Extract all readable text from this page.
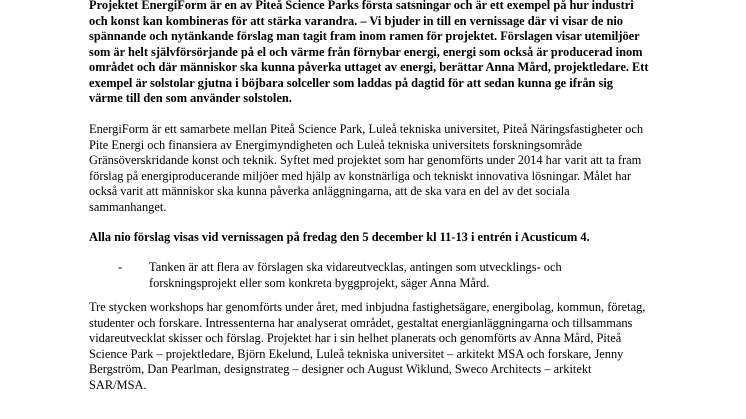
Projektet EnergiForm är en av Piteå Science Parks första satsningar och är ett exempel på hur industri och konst kan kombineras för att stärka varandra. – Vi bjuder in till en vernissage där vi visar de nio spännande och nytänkande förslag man tagit fram inom ramen för projektet. Förslagen visar utemiljöer som är helt självförsörjande på el och värme från förnybar energi, energi som också är producerad inom området och där människor ska kunna påverka uttaget av energi, berättar Anna Mård, projektledare. Ett exempel är solstolar gjutna i böjbara solceller som laddas på dagtid för att sedan kunna ge ifrån sig värme till den som använder solstolen.

EnergiForm är ett samarbete mellan Piteå Science Park, Luleå tekniska universitet, Piteå Näringsfastigheter och Pite Energi och finansiera av Energimyndigheten och Luleå tekniska universitets forskningsområde Gränsöverskridande konst och teknik. Syftet med projektet som har genomförts under 2014 har varit att ta fram förslag på energiproducerande miljöer med hjälp av konstnärliga och tekniskt innovativa lösningar. Målet har också varit att människor ska kunna påverka anläggningarna, att de ska vara en del av det sociala sammanhanget.

Alla nio förslag visas vid vernissagen på fredag den 5 december kl 11-13 i entrén i Acusticum 4.

-	Tanken är att flera av förslagen ska vidareutvecklas, antingen som utvecklings- och forskningsprojekt eller som konkreta byggprojekt, säger Anna Mård.

Tre stycken workshops har genomförts under året, med inbjudna fastighetsägare, energibolag, kommun, företag, studenter och forskare. Intressenterna har analyserat området, gestaltat energianläggningarna och tillsammans vidareutvecklat skisser och förslag. Projektet har i sin helhet planerats och genomförts av Anna Mård, Piteå Science Park – projektledare, Björn Ekelund, Luleå tekniska universitet – arkitekt MSA och forskare, Jenny Bergström, Dan Pearlman, designstrateg – designer och August Wiklund, Sweco Architects – arkitekt SAR/MSA.
